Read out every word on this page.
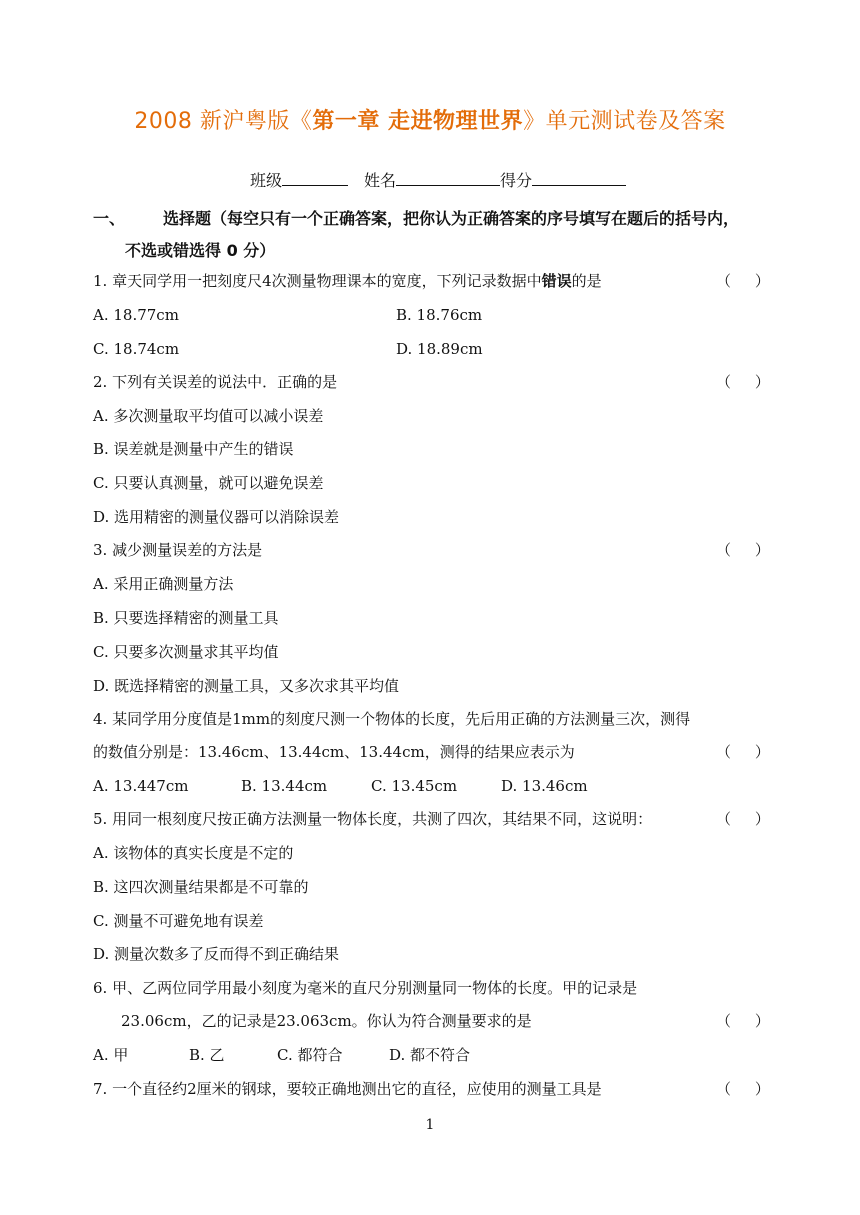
2008 新沪粤版《第一章 走进物理世界》单元测试卷及答案
班级	姓名	得分
一、 选择题（每空只有一个正确答案，把你认为正确答案的序号填写在题后的括号内，
不选或错选得 0 分）
1. 章天同学用一把刻度尺4次测量物理课本的宽度，下列记录数据中错误的是	（     ）
A. 18.77cm	B. 18.76cm
C. 18.74cm	D. 18.89cm
2. 下列有关误差的说法中．正确的是	（     ）
A. 多次测量取平均值可以减小误差
B. 误差就是测量中产生的错误
C. 只要认真测量，就可以避免误差
D. 选用精密的测量仪器可以消除误差
3. 减少测量误差的方法是	（     ）
A. 采用正确测量方法
B. 只要选择精密的测量工具
C. 只要多次测量求其平均值
D. 既选择精密的测量工具，又多次求其平均值
4. 某同学用分度值是1mm的刻度尺测一个物体的长度，先后用正确的方法测量三次，测得
的数值分别是：13.46cm、13.44cm、13.44cm，测得的结果应表示为	（     ）
A. 13.447cm	B. 13.44cm	C. 13.45cm	D. 13.46cm
5. 用同一根刻度尺按正确方法测量一物体长度，共测了四次，其结果不同，这说明：	（     ）
A. 该物体的真实长度是不定的
B. 这四次测量结果都是不可靠的
C. 测量不可避免地有误差
D. 测量次数多了反而得不到正确结果
6. 甲、乙两位同学用最小刻度为毫米的直尺分别测量同一物体的长度。甲的记录是
23.06cm，乙的记录是23.063cm。你认为符合测量要求的是	（     ）
A. 甲	B. 乙	C. 都符合	D. 都不符合
7. 一个直径约2厘米的钢球，要较正确地测出它的直径，应使用的测量工具是	（     ）
1
